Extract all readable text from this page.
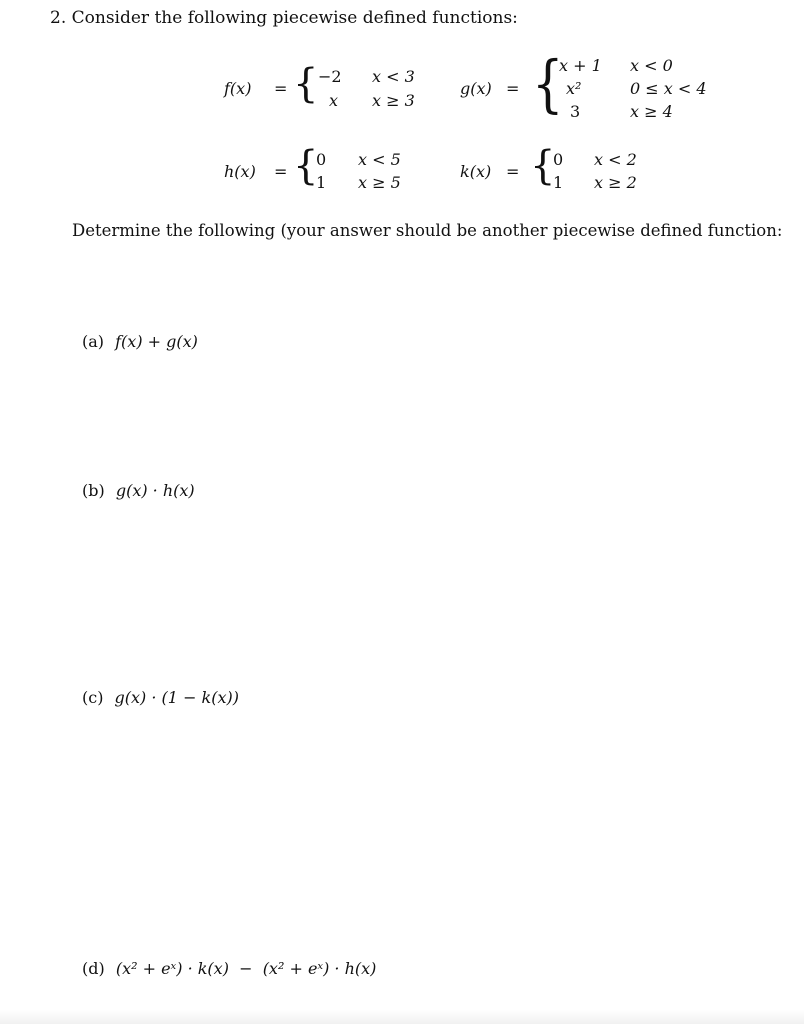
2. Consider the following piecewise defined functions:
f(x) = { −2 x < 3
x x ≥ 3
g(x) = {
x + 1 x < 0
x²	0 ≤ x < 4
3	x ≥ 4
h(x) = {
0 x < 5
1 x ≥ 5
k(x) = {
0 x < 2
1 x ≥ 2
Determine the following (your answer should be another piecewise defined function:
(a) f(x) + g(x)
(b) g(x) · h(x)
(c) g(x) · (1 − k(x))
(d) (x² + eˣ) · k(x)  −  (x² + eˣ) · h(x)
